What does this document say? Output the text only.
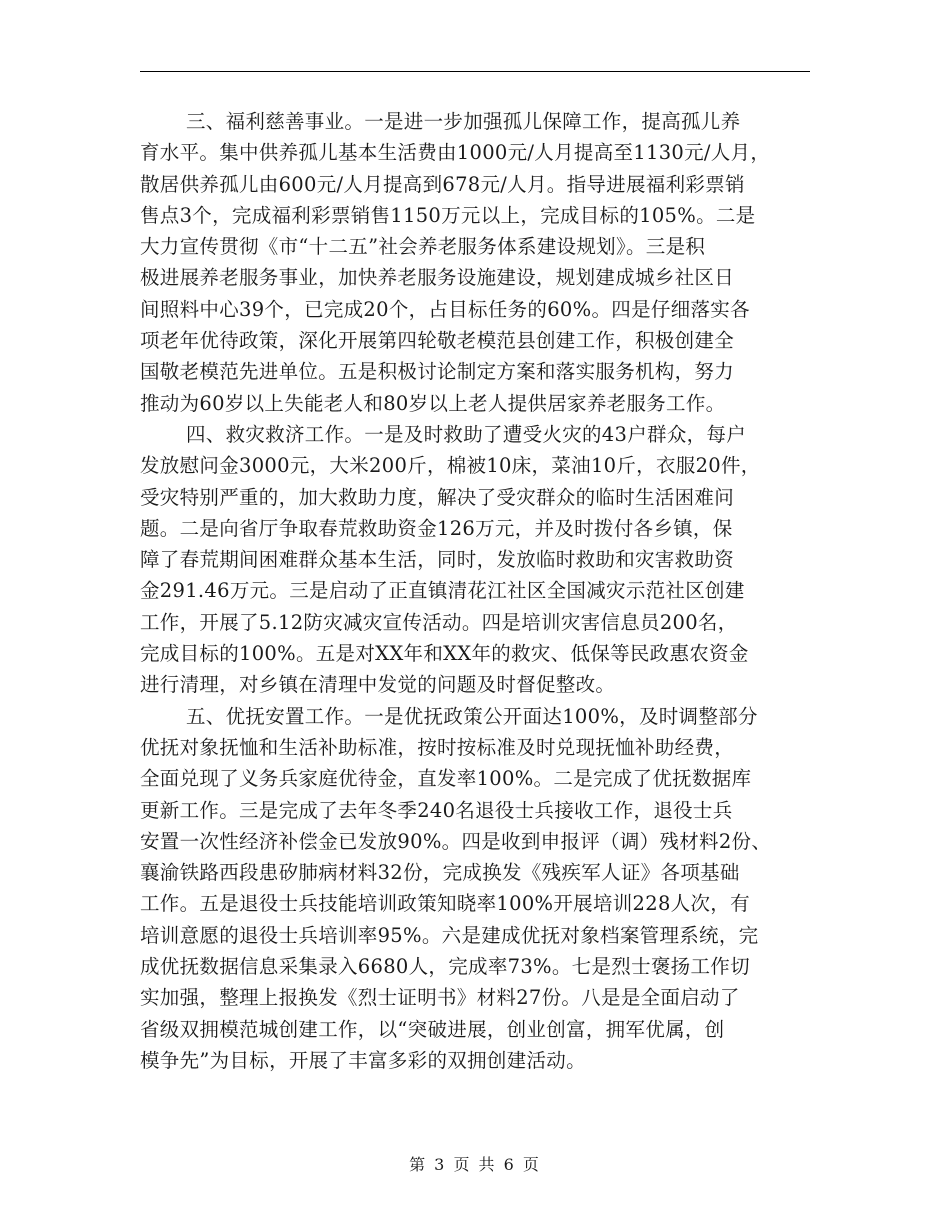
三、福利慈善事业。一是进一步加强孤儿保障工作，提高孤儿养
育水平。集中供养孤儿基本生活费由1000元/人月提高至1130元/人月，
散居供养孤儿由600元/人月提高到678元/人月。指导进展福利彩票销
售点3个，完成福利彩票销售1150万元以上，完成目标的105%。二是
大力宣传贯彻《市“十二五”社会养老服务体系建设规划》。三是积
极进展养老服务事业，加快养老服务设施建设，规划建成城乡社区日
间照料中心39个，已完成20个，占目标任务的60%。四是仔细落实各
项老年优待政策，深化开展第四轮敬老模范县创建工作，积极创建全
国敬老模范先进单位。五是积极讨论制定方案和落实服务机构，努力
推动为60岁以上失能老人和80岁以上老人提供居家养老服务工作。
四、救灾救济工作。一是及时救助了遭受火灾的43户群众，每户
发放慰问金3000元，大米200斤，棉被10床，菜油10斤，衣服20件，
受灾特别严重的，加大救助力度，解决了受灾群众的临时生活困难问
题。二是向省厅争取春荒救助资金126万元，并及时拨付各乡镇，保
障了春荒期间困难群众基本生活，同时，发放临时救助和灾害救助资
金291.46万元。三是启动了正直镇清花江社区全国减灾示范社区创建
工作，开展了5.12防灾减灾宣传活动。四是培训灾害信息员200名，
完成目标的100%。五是对XX年和XX年的救灾、低保等民政惠农资金
进行清理，对乡镇在清理中发觉的问题及时督促整改。
五、优抚安置工作。一是优抚政策公开面达100%，及时调整部分
优抚对象抚恤和生活补助标准，按时按标准及时兑现抚恤补助经费，
全面兑现了义务兵家庭优待金，直发率100%。二是完成了优抚数据库
更新工作。三是完成了去年冬季240名退役士兵接收工作，退役士兵
安置一次性经济补偿金已发放90%。四是收到申报评（调）残材料2份、
襄渝铁路西段患矽肺病材料32份，完成换发《残疾军人证》各项基础
工作。五是退役士兵技能培训政策知晓率100%开展培训228人次，有
培训意愿的退役士兵培训率95%。六是建成优抚对象档案管理系统，完
成优抚数据信息采集录入6680人，完成率73%。七是烈士褒扬工作切
实加强，整理上报换发《烈士证明书》材料27份。八是是全面启动了
省级双拥模范城创建工作，以“突破进展，创业创富，拥军优属，创
模争先”为目标，开展了丰富多彩的双拥创建活动。
第 3 页 共 6 页
